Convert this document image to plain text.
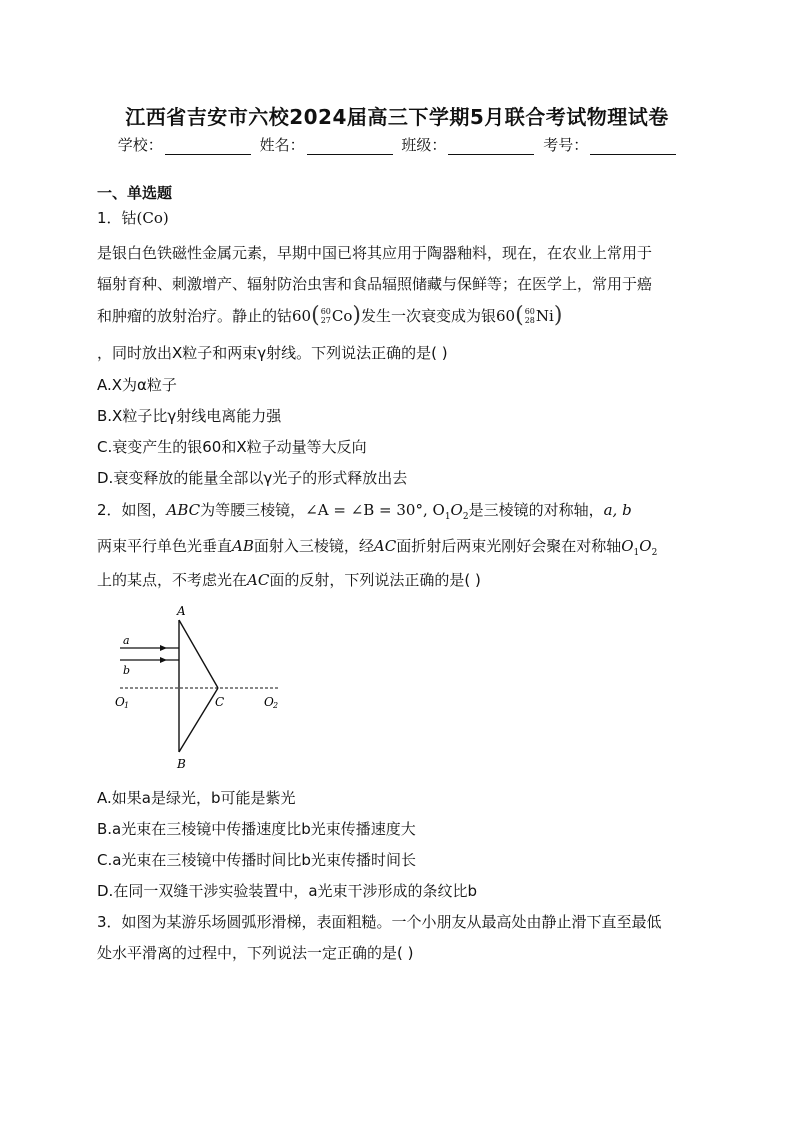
江西省吉安市六校2024届高三下学期5月联合考试物理试卷
学校：	姓名：	班级：	考号：
一、单选题
1．钴(Co)
是银白色铁磁性金属元素，早期中国已将其应用于陶器釉料，现在，在农业上常用于
辐射育种、刺激增产、辐射防治虫害和食品辐照储藏与保鲜等；在医学上，常用于癌
和肿瘤的放射治疗。静止的钴 60 ( 60
27 Co ) 发生一次衰变成为银 60 ( 60
28 Ni )
，同时放出X粒子和两束γ射线。下列说法正确的是( )
A.X为α粒子
B.X粒子比γ射线电离能力强
C.衰变产生的银60和X粒子动量等大反向
D.衰变释放的能量全部以γ光子的形式释放出去
2．如图，ABC为等腰三棱镜，∠A = ∠B = 30°, $O_1O_2$是三棱镜的对称轴，a, b
两束平行单色光垂直AB面射入三棱镜，经AC面折射后两束光刚好会聚在对称轴$O_1O_2$
上的某点，不考虑光在AC面的反射，下列说法正确的是( )
A
B
C
a
b
O 1	O 2
A.如果a是绿光，b可能是紫光
B.a光束在三棱镜中传播速度比b光束传播速度大
C.a光束在三棱镜中传播时间比b光束传播时间长
D.在同一双缝干涉实验装置中，a光束干涉形成的条纹比b
3．如图为某游乐场圆弧形滑梯，表面粗糙。一个小朋友从最高处由静止滑下直至最低
处水平滑离的过程中，下列说法一定正确的是( )
